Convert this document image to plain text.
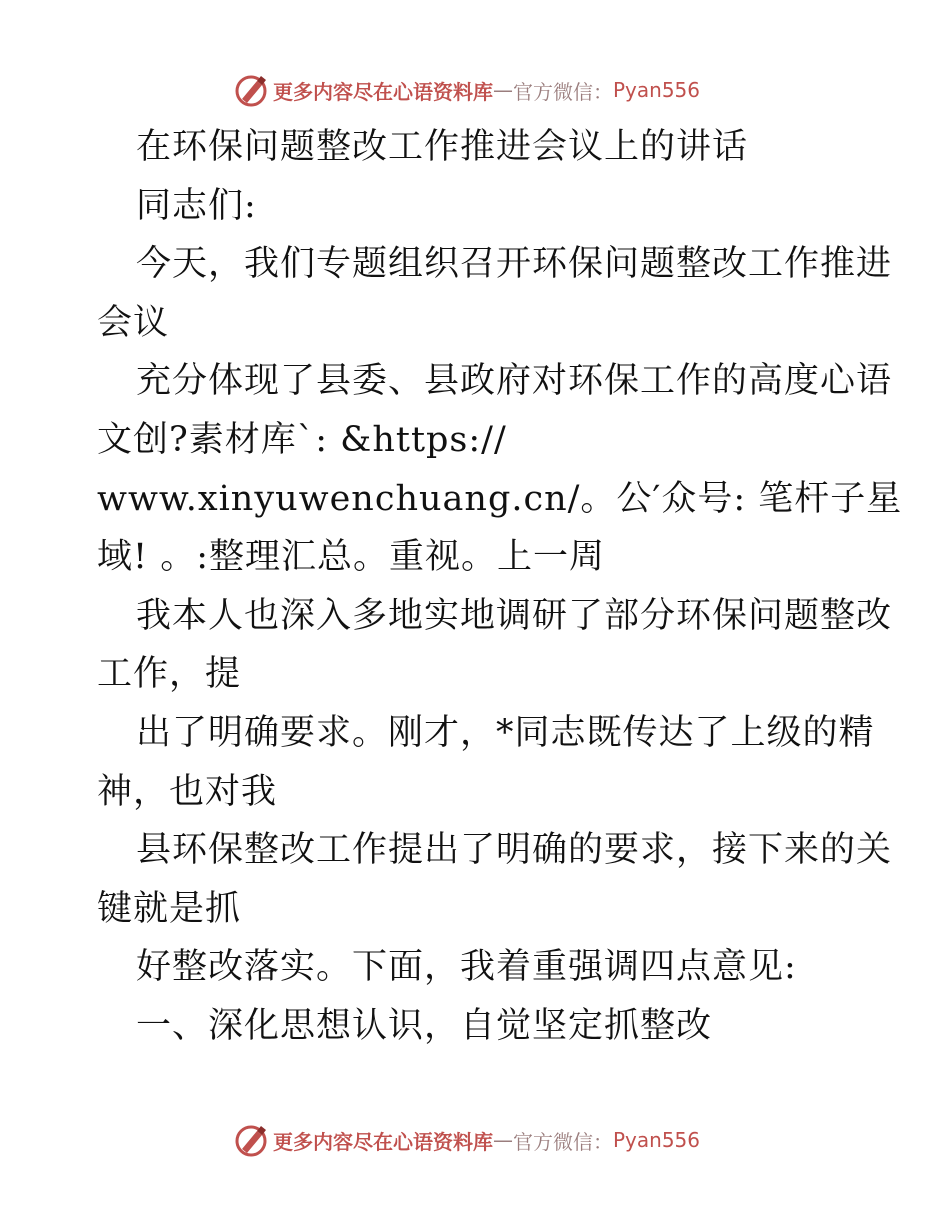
更多内容尽在心语资料库 — 官方微信： Pyan556
在环保问题整改工作推进会议上的讲话
同志们:
今天，我们专题组织召开环保问题整改工作推进
会议
充分体现了县委、县政府对环保工作的高度心语
文创?素材库`: &https://
www.xinyuwenchuang.cn/。公′众号: 笔杆子星
域! 。:整理汇总。重视。上一周
我本人也深入多地实地调研了部分环保问题整改
工作，提
出了明确要求。刚才，*同志既传达了上级的精
神，也对我
县环保整改工作提出了明确的要求，接下来的关
键就是抓
好整改落实。下面，我着重强调四点意见:
一、深化思想认识，自觉坚定抓整改
更多内容尽在心语资料库 — 官方微信： Pyan556
